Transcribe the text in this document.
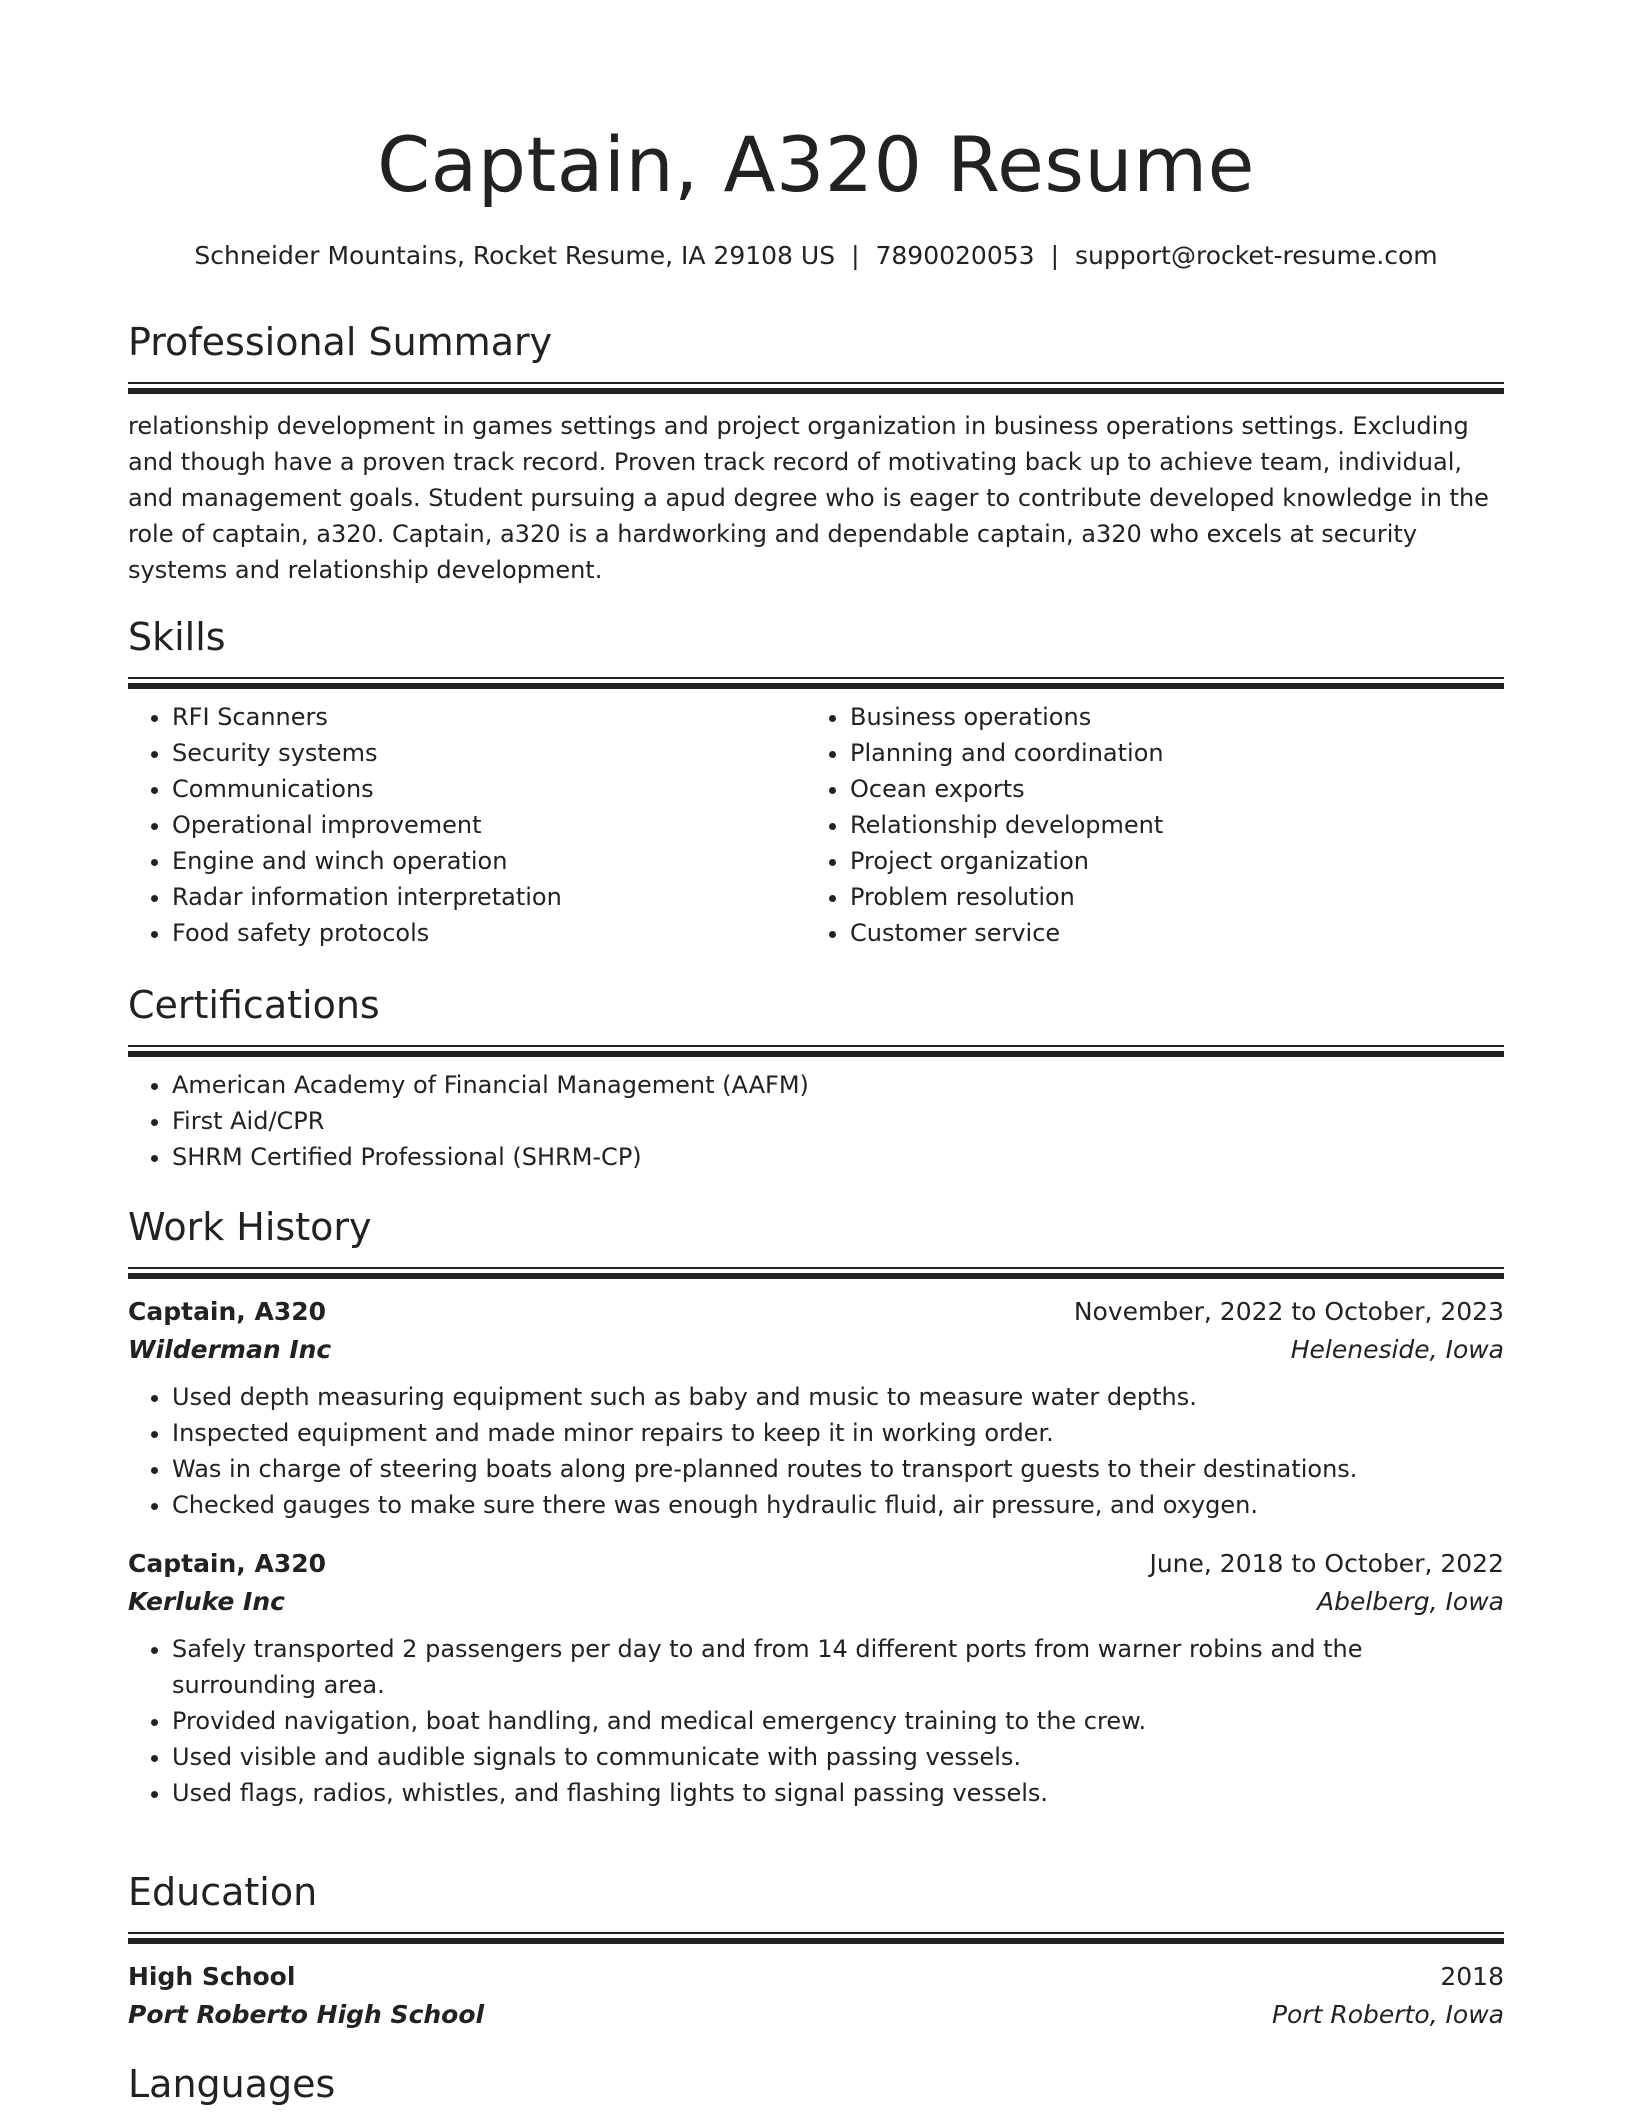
Captain, A320 Resume
Schneider Mountains, Rocket Resume, IA 29108 US | 7890020053 | support@rocket-resume.com
Professional Summary
relationship development in games settings and project organization in business operations settings. Excluding and though have a proven track record. Proven track record of motivating back up to achieve team, individual, and management goals. Student pursuing a apud degree who is eager to contribute developed knowledge in the role of captain, a320. Captain, a320 is a hardworking and dependable captain, a320 who excels at security systems and relationship development.
Skills
• RFI Scanners
• Security systems
• Communications
• Operational improvement
• Engine and winch operation
• Radar information interpretation
• Food safety protocols
• Business operations
• Planning and coordination
• Ocean exports
• Relationship development
• Project organization
• Problem resolution
• Customer service
Certifications
• American Academy of Financial Management (AAFM)
• First Aid/CPR
• SHRM Certified Professional (SHRM-CP)
Work History
Captain, A320	November, 2022 to October, 2023
Wilderman Inc	Heleneside, Iowa
• Used depth measuring equipment such as baby and music to measure water depths.
• Inspected equipment and made minor repairs to keep it in working order.
• Was in charge of steering boats along pre-planned routes to transport guests to their destinations.
• Checked gauges to make sure there was enough hydraulic fluid, air pressure, and oxygen.
Captain, A320	June, 2018 to October, 2022
Kerluke Inc	Abelberg, Iowa
• Safely transported 2 passengers per day to and from 14 different ports from warner robins and the surrounding area.
• Provided navigation, boat handling, and medical emergency training to the crew.
• Used visible and audible signals to communicate with passing vessels.
• Used flags, radios, whistles, and flashing lights to signal passing vessels.
Education
High School	2018
Port Roberto High School	Port Roberto, Iowa
Languages
